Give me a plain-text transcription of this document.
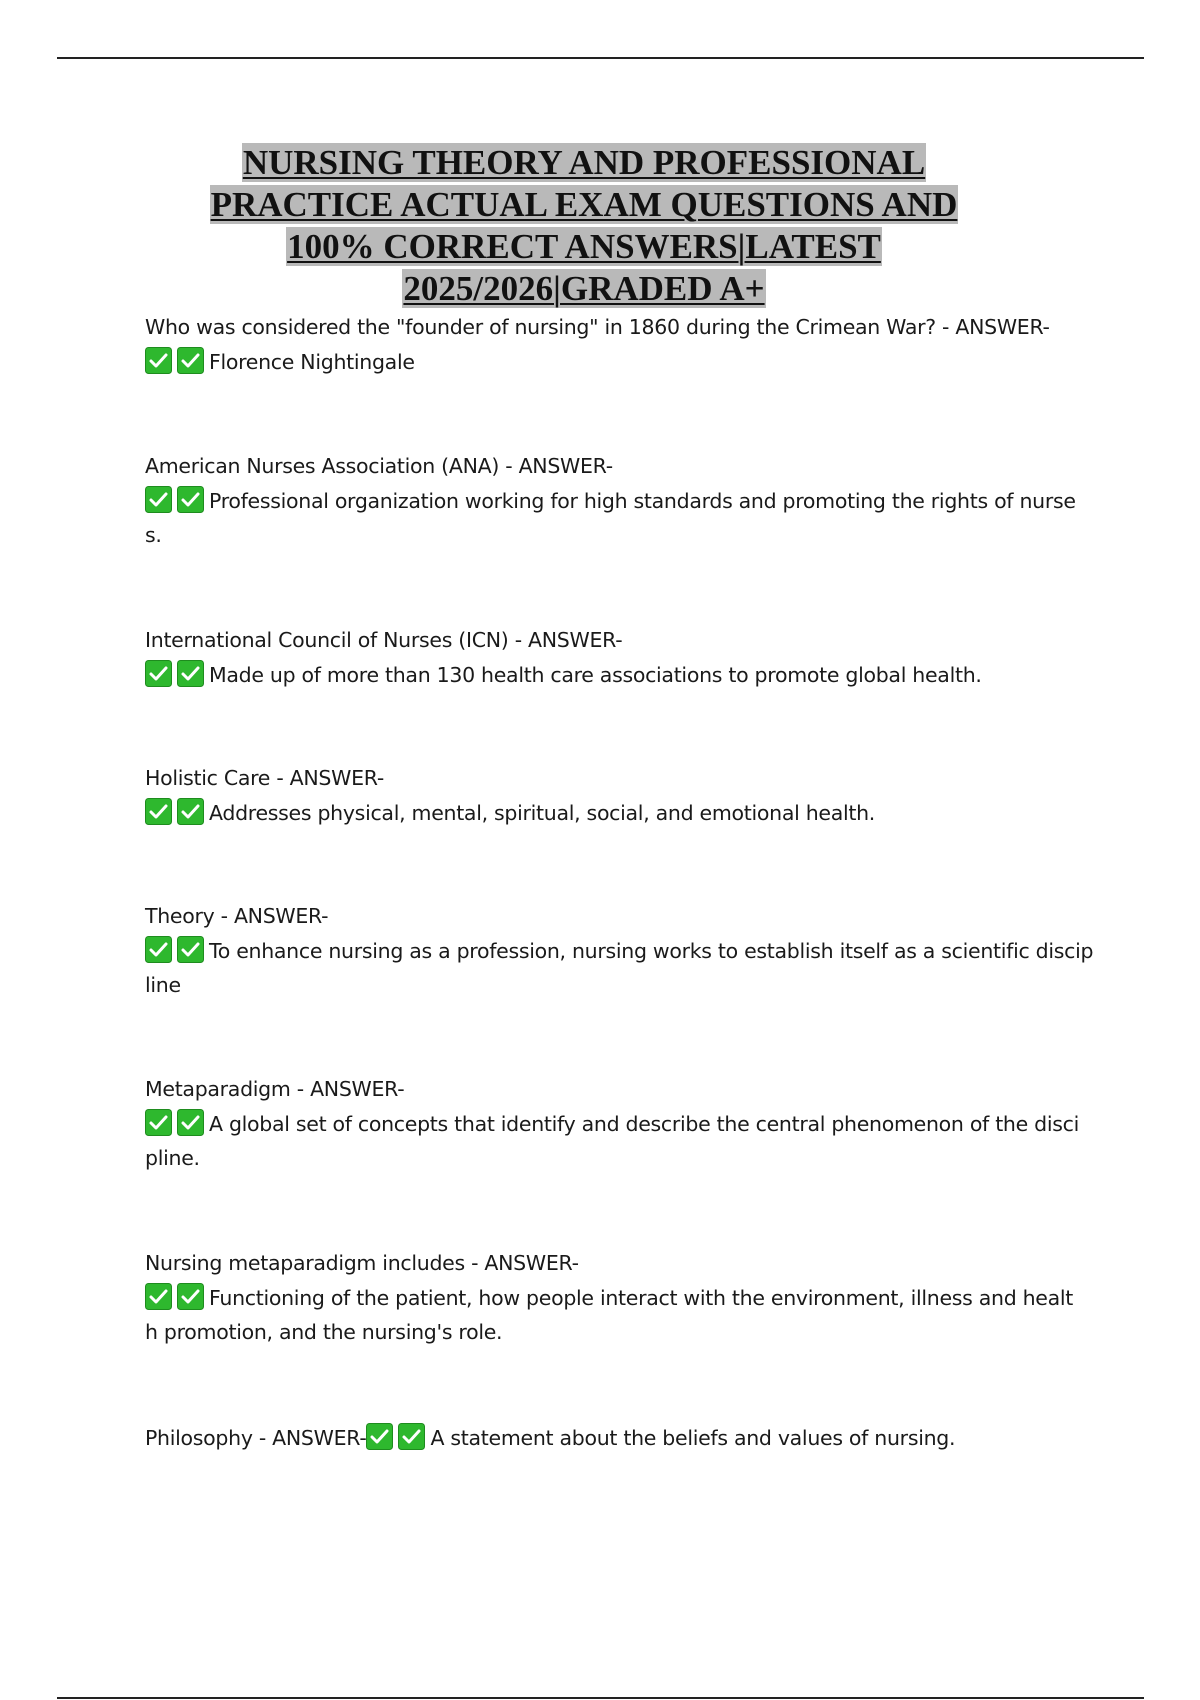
NURSING THEORY AND PROFESSIONAL
PRACTICE ACTUAL EXAM QUESTIONS AND
100% CORRECT ANSWERS|LATEST
2025/2026|GRADED A+
Who was considered the "founder of nursing" in 1860 during the Crimean War? - ANSWER-
Florence Nightingale
American Nurses Association (ANA) - ANSWER-
Professional organization working for high standards and promoting the rights of nurse
s.
International Council of Nurses (ICN) - ANSWER-
Made up of more than 130 health care associations to promote global health.
Holistic Care - ANSWER-
Addresses physical, mental, spiritual, social, and emotional health.
Theory - ANSWER-
To enhance nursing as a profession, nursing works to establish itself as a scientific discip
line
Metaparadigm - ANSWER-
A global set of concepts that identify and describe the central phenomenon of the disci
pline.
Nursing metaparadigm includes - ANSWER-
Functioning of the patient, how people interact with the environment, illness and healt
h promotion, and the nursing's role.
Philosophy - ANSWER-	A statement about the beliefs and values of nursing.
